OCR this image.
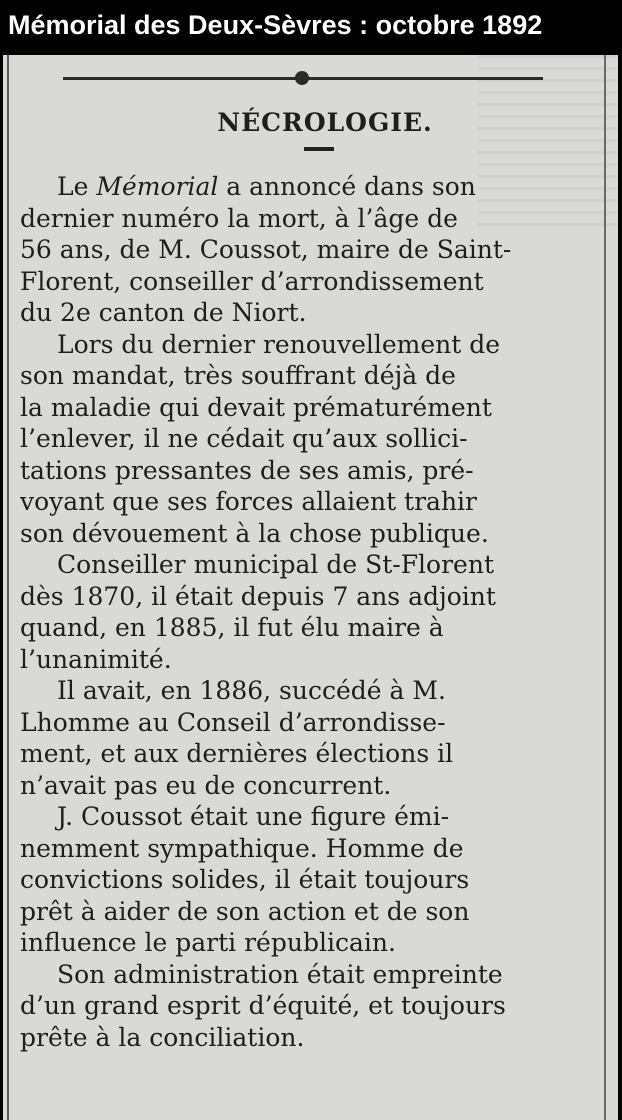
Mémorial des Deux-Sèvres : octobre 1892
NÉCROLOGIE.
Le Mémorial a annoncé dans son
dernier numéro la mort, à l’âge de
56 ans, de M. Coussot, maire de Saint-
Florent, conseiller d’arrondissement
du 2e canton de Niort.
Lors du dernier renouvellement de
son mandat, très souffrant déjà de
la maladie qui devait prématurément
l’enlever, il ne cédait qu’aux sollici-
tations pressantes de ses amis, pré-
voyant que ses forces allaient trahir
son dévouement à la chose publique.
Conseiller municipal de St-Florent
dès 1870, il était depuis 7 ans adjoint
quand, en 1885, il fut élu maire à
l’unanimité.
Il avait, en 1886, succédé à M.
Lhomme au Conseil d’arrondisse-
ment, et aux dernières élections il
n’avait pas eu de concurrent.
J. Coussot était une figure émi-
nemment sympathique. Homme de
convictions solides, il était toujours
prêt à aider de son action et de son
influence le parti républicain.
Son administration était empreinte
d’un grand esprit d’équité, et toujours
prête à la conciliation.
